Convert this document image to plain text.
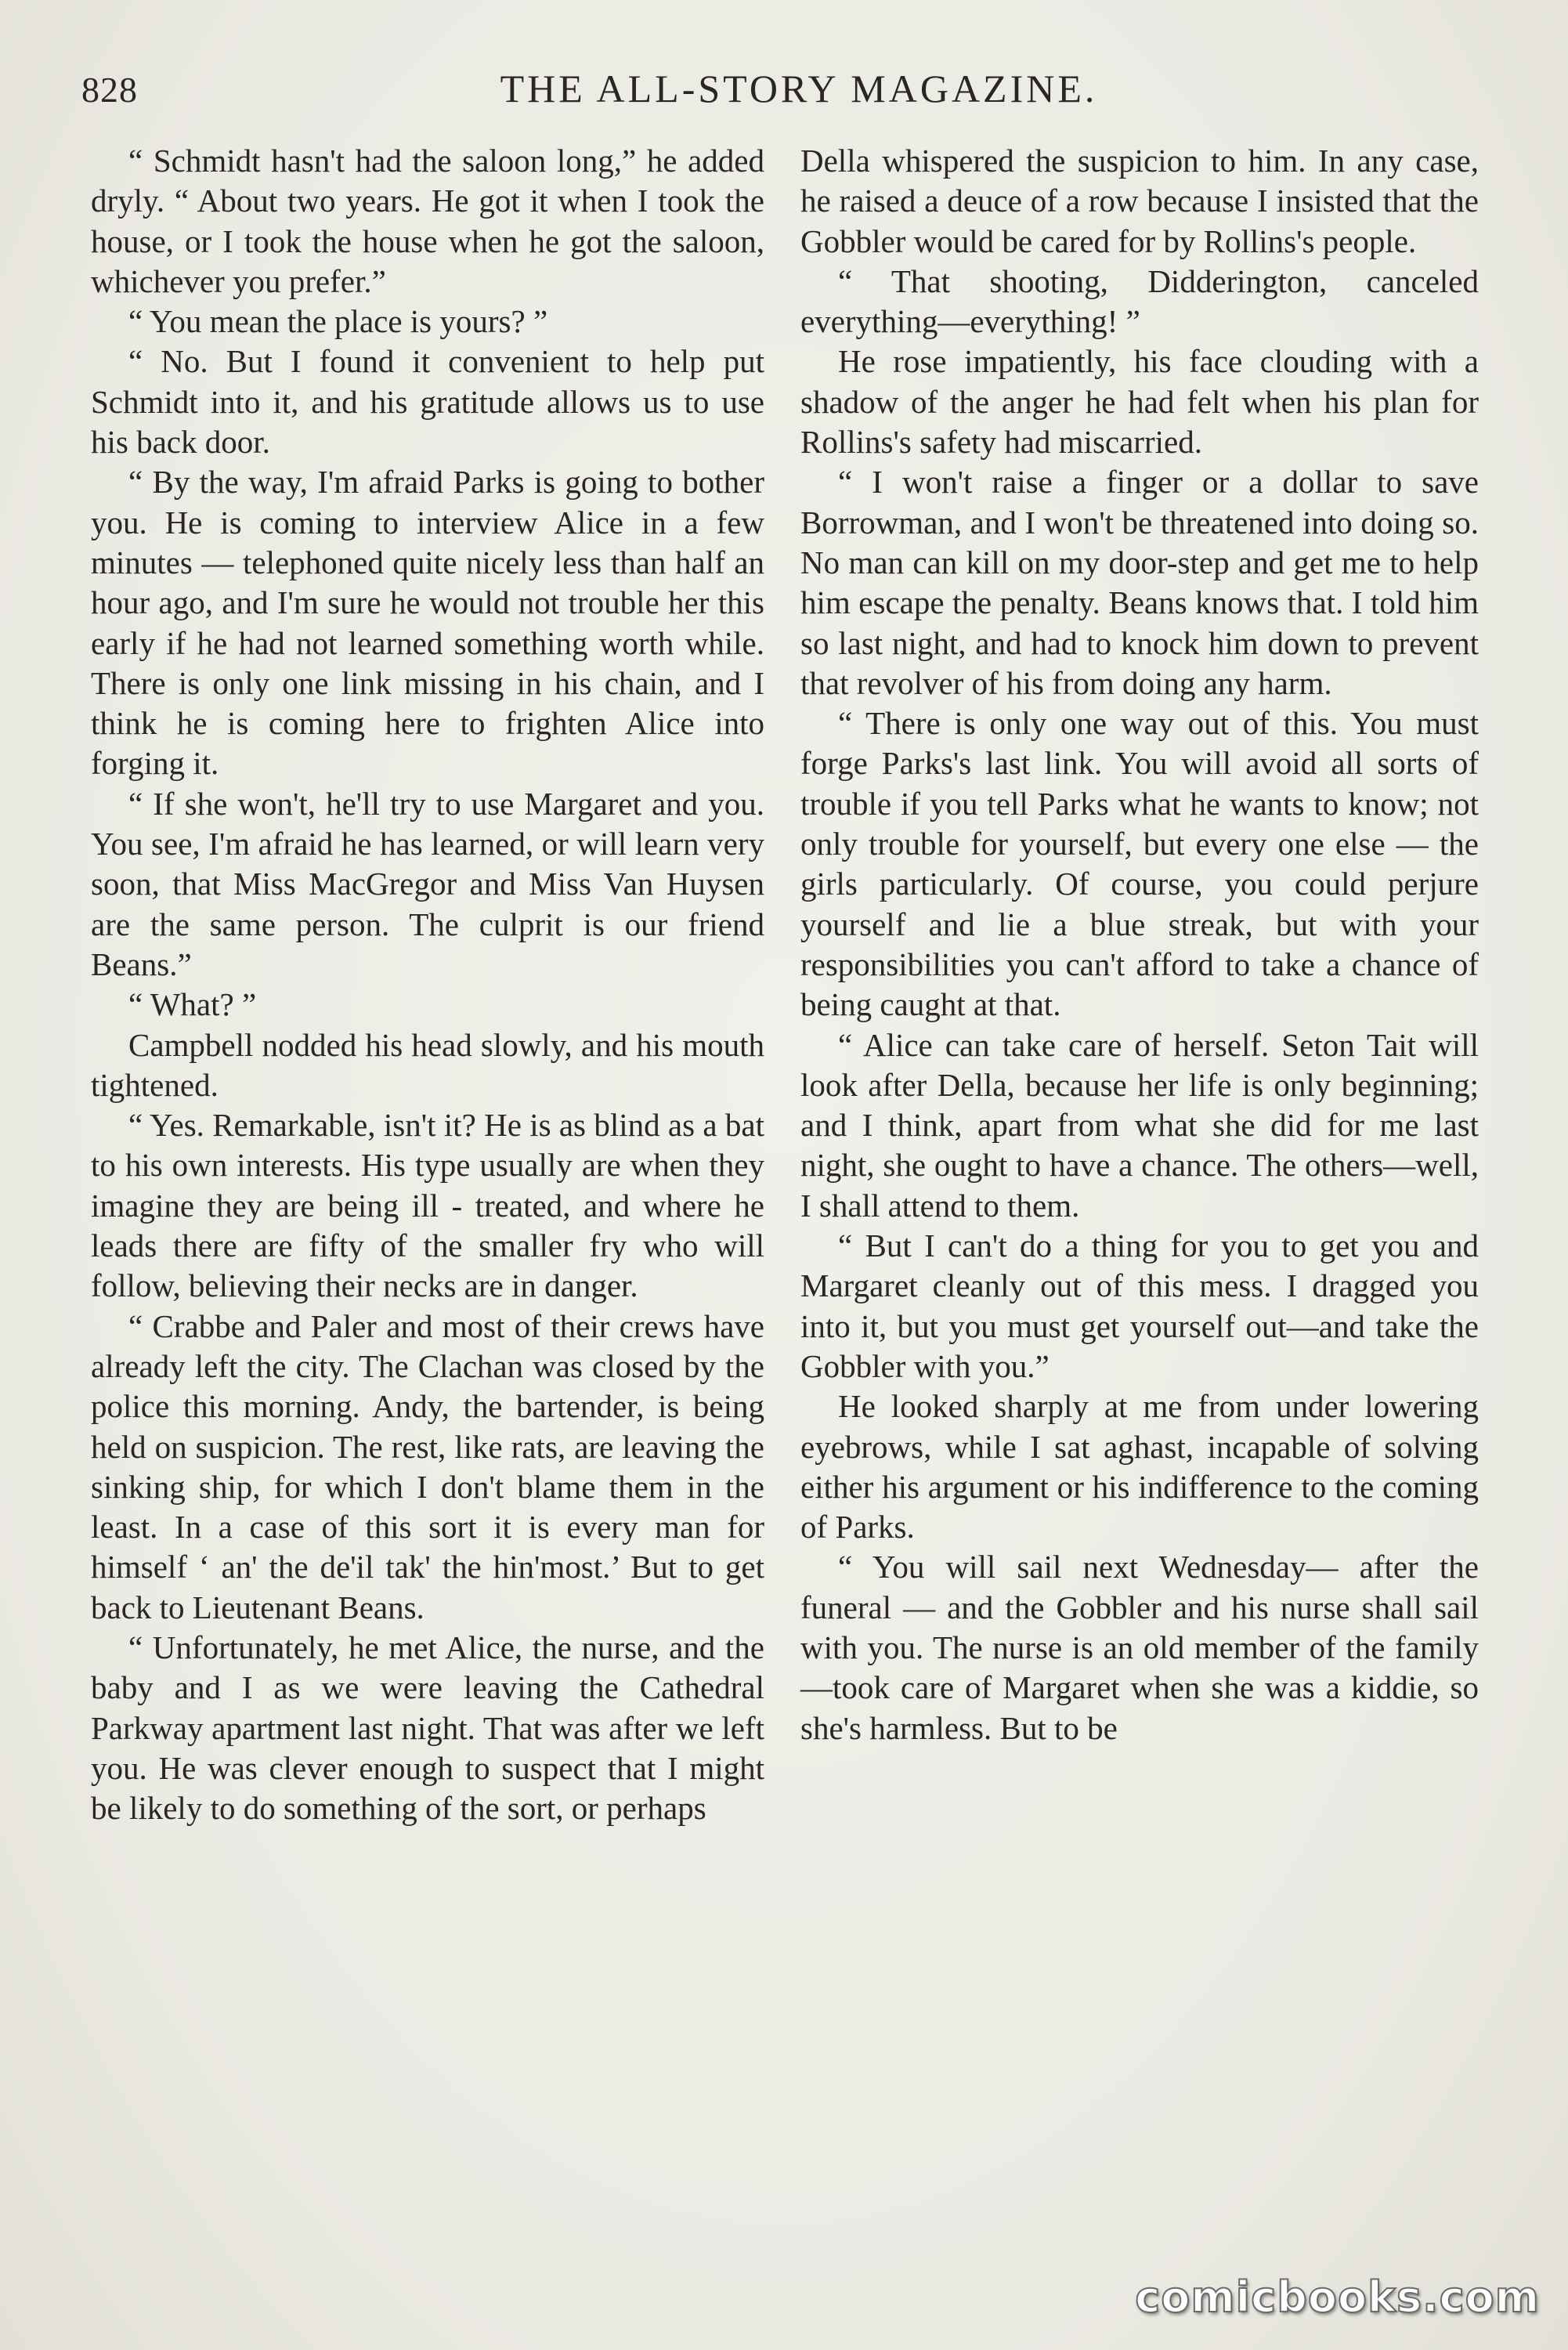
828	THE ALL-STORY MAGAZINE.

“ Schmidt hasn't had the saloon long,” he added dryly. “ About two years. He got it when I took the house, or I took the house when he got the saloon, whichever you prefer.”

“ You mean the place is yours? ”

“ No. But I found it convenient to help put Schmidt into it, and his gratitude allows us to use his back door.

“ By the way, I'm afraid Parks is going to bother you. He is coming to interview Alice in a few minutes — telephoned quite nicely less than half an hour ago, and I'm sure he would not trouble her this early if he had not learned something worth while. There is only one link missing in his chain, and I think he is coming here to frighten Alice into forging it.

“ If she won't, he'll try to use Margaret and you. You see, I'm afraid he has learned, or will learn very soon, that Miss MacGregor and Miss Van Huysen are the same person. The culprit is our friend Beans.”

“ What? ”

Campbell nodded his head slowly, and his mouth tightened.

“ Yes. Remarkable, isn't it? He is as blind as a bat to his own interests. His type usually are when they imagine they are being ill - treated, and where he leads there are fifty of the smaller fry who will follow, believing their necks are in danger.

“ Crabbe and Paler and most of their crews have already left the city. The Clachan was closed by the police this morning. Andy, the bartender, is being held on suspicion. The rest, like rats, are leaving the sinking ship, for which I don't blame them in the least. In a case of this sort it is every man for himself ‘ an' the de'il tak' the hin'most.’ But to get back to Lieutenant Beans.

“ Unfortunately, he met Alice, the nurse, and the baby and I as we were leaving the Cathedral Parkway apartment last night. That was after we left you. He was clever enough to suspect that I might be likely to do something of the sort, or perhaps

Della whispered the suspicion to him. In any case, he raised a deuce of a row because I insisted that the Gobbler would be cared for by Rollins's people.

“ That shooting, Didderington, canceled everything—everything! ”

He rose impatiently, his face clouding with a shadow of the anger he had felt when his plan for Rollins's safety had miscarried.

“ I won't raise a finger or a dollar to save Borrowman, and I won't be threatened into doing so. No man can kill on my door-step and get me to help him escape the penalty. Beans knows that. I told him so last night, and had to knock him down to prevent that revolver of his from doing any harm.

“ There is only one way out of this. You must forge Parks's last link. You will avoid all sorts of trouble if you tell Parks what he wants to know; not only trouble for yourself, but every one else — the girls particularly. Of course, you could perjure yourself and lie a blue streak, but with your responsibilities you can't afford to take a chance of being caught at that.

“ Alice can take care of herself. Seton Tait will look after Della, because her life is only beginning; and I think, apart from what she did for me last night, she ought to have a chance. The others—well, I shall attend to them.

“ But I can't do a thing for you to get you and Margaret cleanly out of this mess. I dragged you into it, but you must get yourself out—and take the Gobbler with you.”

He looked sharply at me from under lowering eyebrows, while I sat aghast, incapable of solving either his argument or his indifference to the coming of Parks.

“ You will sail next Wednesday— after the funeral — and the Gobbler and his nurse shall sail with you. The nurse is an old member of the family —took care of Margaret when she was a kiddie, so she's harmless. But to be

comicbooks.com
